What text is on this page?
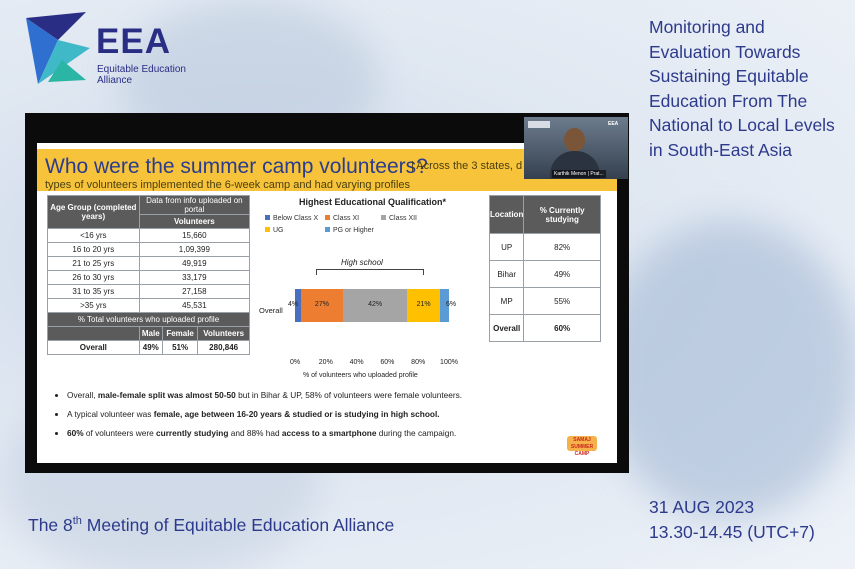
EEA
Equitable Education Alliance
Monitoring and Evaluation Towards Sustaining Equitable Education From The National to Local Levels in South-East Asia
Who were the summer camp volunteers?
| Across the 3 states, d
types of volunteers implemented the 6-week camp and had varying profiles
Age Group (completed years)	Data from info uploaded on portal		
	Volunteers		
<16 yrs	15,660		
16 to 20 yrs	1,09,399		
21 to 25 yrs	49,919		
26 to 30 yrs	33,179		
31 to 35 yrs	27,158		
>35 yrs	45,531		
% Total volunteers who uploaded profile			
	Male	Female	Volunteers
Overall	49%	51%	280,846
Highest Educational Qualification*
Below Class X	Class XI	Class XII
UG	PG or Higher
High school
Overall
4%	27%	42%	21%	6%
0%	20%	40%	60%	80%	100%
% of volunteers who uploaded profile
Location	% Currently studying
UP	82%
Bihar	49%
MP	55%
Overall	60%
• Overall, male-female split was almost 50-50 but in Bihar & UP, 58% of volunteers were female volunteers.
• A typical volunteer was female, age between 16-20 years & studied or is studying in high school.
• 60% of volunteers were currently studying and 88% had access to a smartphone during the campaign.
SAMAJ SUMMER CAMP
EEA
Karthik Menon | Prat...
The 8th Meeting of Equitable Education Alliance
31 AUG 2023
13.30-14.45 (UTC+7)
